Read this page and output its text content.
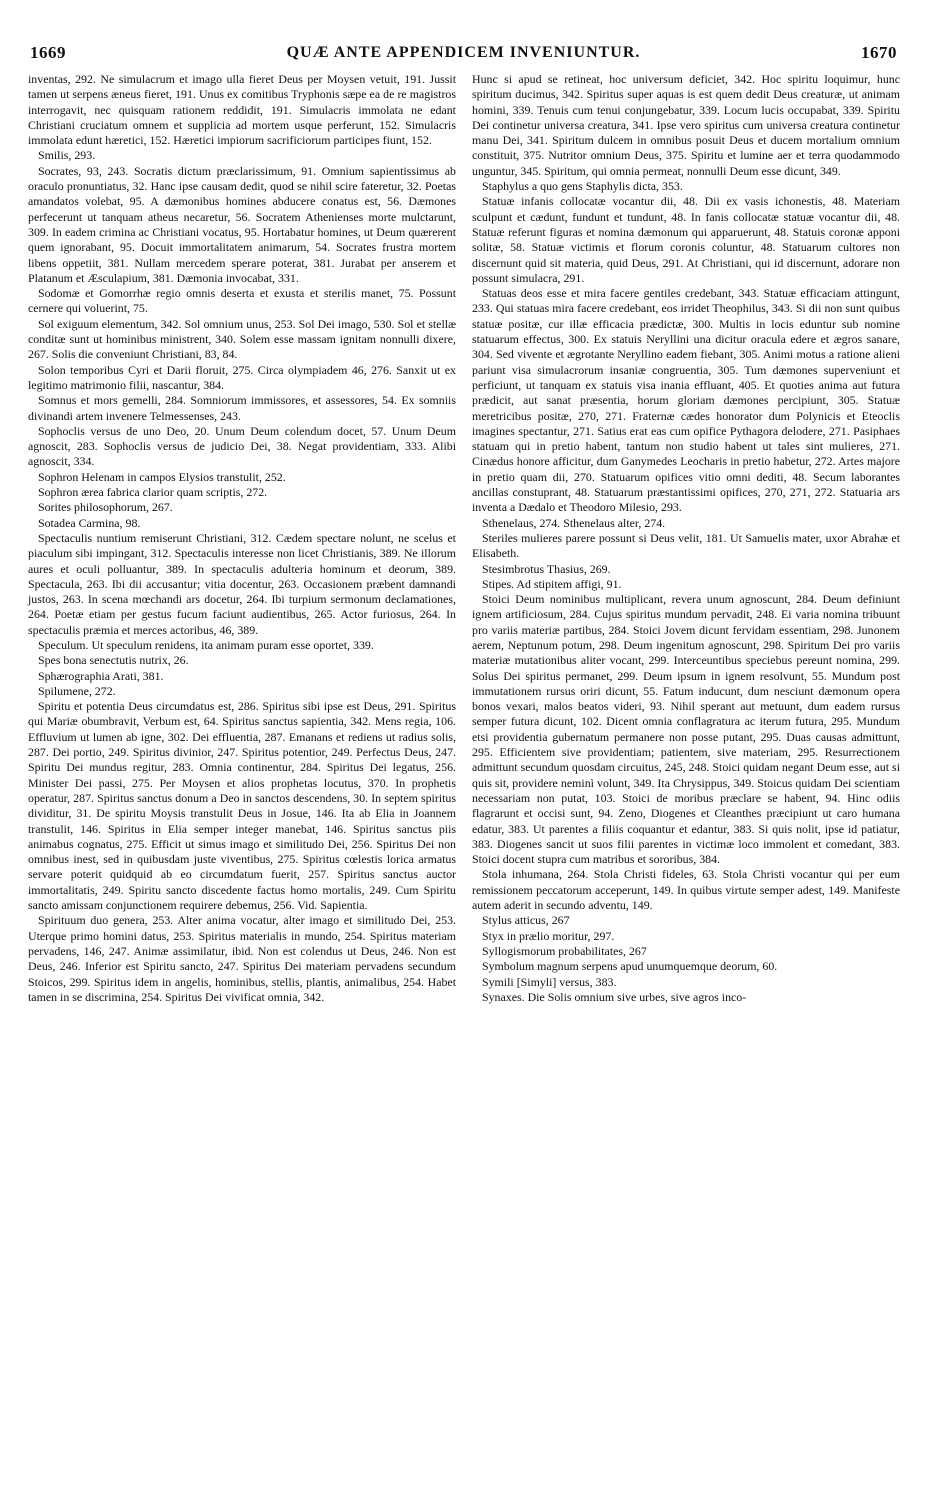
1669	QUÆ ANTE APPENDICEM INVENIUNTUR.	1670

inventas, 292. Ne simulacrum et imago ulla fieret Deus per Moysen vetuit, 191. Jussit tamen ut serpens æneus fieret, 191. Unus ex comitibus Tryphonis sæpe ea de re magistros interrogavit, nec quisquam rationem reddidit, 191. Simulacris immolata ne edant Christiani cruciatum omnem et supplicia ad mortem usque perferunt, 152. Simulacris immolata edunt hæretici, 152. Hæretici impiorum sacrificiorum participes fiunt, 152.

Smilis, 293.

Socrates, 93, 243. Socratis dictum præclarissimum, 91. Omnium sapientissimus ab oraculo pronuntiatus, 32. Hanc ipse causam dedit, quod se nihil scire fateretur, 32. Poetas amandatos volebat, 95. A dæmonibus homines abducere conatus est, 56. Dæmones perfecerunt ut tanquam atheus necaretur, 56. Socratem Athenienses morte mulctarunt, 309. In eadem crimina ac Christiani vocatus, 95. Hortabatur homines, ut Deum quærerent quem ignorabant, 95. Docuit immortalitatem animarum, 54. Socrates frustra mortem libens oppetiit, 381. Nullam mercedem sperare poterat, 381. Jurabat per anserem et Platanum et Æsculapium, 381. Dæmonia invocabat, 331.

Sodomæ et Gomorrhæ regio omnis deserta et exusta et sterilis manet, 75. Possunt cernere qui voluerint, 75.

Sol exiguum elementum, 342. Sol omnium unus, 253. Sol Dei imago, 530. Sol et stellæ conditæ sunt ut hominibus ministrent, 340. Solem esse massam ignitam nonnulli dixere, 267. Solis die conveniunt Christiani, 83, 84.

Solon temporibus Cyri et Darii floruit, 275. Circa olympiadem 46, 276. Sanxit ut ex legitimo matrimonio filii, nascantur, 384.

Somnus et mors gemelli, 284. Somniorum immissores, et assessores, 54. Ex somniis divinandi artem invenere Telmessenses, 243.

Sophoclis versus de uno Deo, 20. Unum Deum colendum docet, 57. Unum Deum agnoscit, 283. Sophoclis versus de judicio Dei, 38. Negat providentiam, 333. Alibi agnoscit, 334.

Sophron Helenam in campos Elysios transtulit, 252.

Sophron ærea fabrica clarior quam scriptis, 272.

Sorites philosophorum, 267.

Sotadea Carmina, 98.

Spectaculis nuntium remiserunt Christiani, 312. Cædem spectare nolunt, ne scelus et piaculum sibi impingant, 312. Spectaculis interesse non licet Christianis, 389. Ne illorum aures et oculi polluantur, 389. In spectaculis adulteria hominum et deorum, 389. Spectacula, 263. Ibi dii accusantur; vitia docentur, 263. Occasionem præbent damnandi justos, 263. In scena mœchandi ars docetur, 264. Ibi turpium sermonum declamationes, 264. Poetæ etiam per gestus fucum faciunt audientibus, 265. Actor furiosus, 264. In spectaculis præmia et merces actoribus, 46, 389.

Speculum. Ut speculum renidens, ita animam puram esse oportet, 339.

Spes bona senectutis nutrix, 26.

Sphærographia Arati, 381.

Spilumene, 272.

Spiritu et potentia Deus circumdatus est, 286. Spiritus sibi ipse est Deus, 291. Spiritus qui Mariæ obumbravit, Verbum est, 64. Spiritus sanctus sapientia, 342. Mens regia, 106. Effluvium ut lumen ab igne, 302. Dei effluentia, 287. Emanans et rediens ut radius solis, 287. Dei portio, 249. Spiritus divinior, 247. Spiritus potentior, 249. Perfectus Deus, 247. Spiritu Dei mundus regitur, 283. Omnia continentur, 284. Spiritus Dei legatus, 256. Minister Dei passi, 275. Per Moysen et alios prophetas locutus, 370. In prophetis operatur, 287. Spiritus sanctus donum a Deo in sanctos descendens, 30. In septem spiritus dividitur, 31. De spiritu Moysis transtulit Deus in Josue, 146. Ita ab Elia in Joannem transtulit, 146. Spiritus in Elia semper integer manebat, 146. Spiritus sanctus piis animabus cognatus, 275. Efficit ut simus imago et similitudo Dei, 256. Spiritus Dei non omnibus inest, sed in quibusdam juste viventibus, 275. Spiritus cœlestis lorica armatus servare poterit quidquid ab eo circumdatum fuerit, 257. Spiritus sanctus auctor immortalitatis, 249. Spiritu sancto discedente factus homo mortalis, 249. Cum Spiritu sancto amissam conjunctionem requirere debemus, 256. Vid. Sapientia.

Spirituum duo genera, 253. Alter anima vocatur, alter imago et similitudo Dei, 253. Uterque primo homini datus, 253. Spiritus materialis in mundo, 254. Spiritus materiam pervadens, 146, 247. Animæ assimilatur, ibid. Non est colendus ut Deus, 246. Non est Deus, 246. Inferior est Spiritu sancto, 247. Spiritus Dei materiam pervadens secundum Stoicos, 299. Spiritus idem in angelis, hominibus, stellis, plantis, animalibus, 254. Habet tamen in se discrimina, 254. Spiritus Dei vivificat omnia, 342.

Hunc si apud se retineat, hoc universum deficiet, 342. Hoc spiritu loquimur, hunc spiritum ducimus, 342. Spiritus super aquas is est quem dedit Deus creaturæ, ut animam homini, 339. Tenuis cum tenui conjungebatur, 339. Locum lucis occupabat, 339. Spiritu Dei continetur universa creatura, 341. Ipse vero spiritus cum universa creatura continetur manu Dei, 341. Spiritum dulcem in omnibus posuit Deus et ducem mortalium omnium constituit, 375. Nutritor omnium Deus, 375. Spiritu et lumine aer et terra quodammodo unguntur, 345. Spiritum, qui omnia permeat, nonnulli Deum esse dicunt, 349.

Staphylus a quo gens Staphylis dicta, 353.

Statuæ infanis collocatæ vocantur dii, 48. Dii ex vasis ichonestis, 48. Materiam sculpunt et cædunt, fundunt et tundunt, 48. In fanis collocatæ statuæ vocantur dii, 48. Statuæ referunt figuras et nomina dæmonum qui apparuerunt, 48. Statuis coronæ apponi solitæ, 58. Statuæ victimis et florum coronis coluntur, 48. Statuarum cultores non discernunt quid sit materia, quid Deus, 291. At Christiani, qui id discernunt, adorare non possunt simulacra, 291.

Statuas deos esse et mira facere gentiles credebant, 343. Statuæ efficaciam attingunt, 233. Qui statuas mira facere credebant, eos irridet Theophilus, 343. Si dii non sunt quibus statuæ positæ, cur illæ efficacia prædictæ, 300. Multis in locis eduntur sub nomine statuarum effectus, 300. Ex statuis Neryllini una dicitur oracula edere et ægros sanare, 304. Sed vivente et ægrotante Neryllino eadem fiebant, 305. Animi motus a ratione alieni pariunt visa simulacrorum insaniæ congruentia, 305. Tum dæmones superveniunt et perficiunt, ut tanquam ex statuis visa inania effluant, 405. Et quoties anima aut futura prædicit, aut sanat præsentia, horum gloriam dæmones percipiunt, 305. Statuæ meretricibus positæ, 270, 271. Fraternæ cædes honorator dum Polynicis et Eteoclis imagines spectantur, 271. Satius erat eas cum opifice Pythagora delodere, 271. Pasiphaes statuam qui in pretio habent, tantum non studio habent ut tales sint mulieres, 271. Cinædus honore afficitur, dum Ganymedes Leocharis in pretio habetur, 272. Artes majore in pretio quam dii, 270. Statuarum opifices vitio omni dediti, 48. Secum laborantes ancillas constuprant, 48. Statuarum præstantissimi opifices, 270, 271, 272. Statuaria ars inventa a Dædalo et Theodoro Milesio, 293.

Sthenelaus, 274. Sthenelaus alter, 274.

Steriles mulieres parere possunt si Deus velit, 181. Ut Samuelis mater, uxor Abrahæ et Elisabeth.

Stesimbrotus Thasius, 269.

Stipes. Ad stipitem affigi, 91.

Stoici Deum nominibus multiplicant, revera unum agnoscunt, 284. Deum definiunt ignem artificiosum, 284. Cujus spiritus mundum pervadit, 248. Ei varia nomina tribuunt pro variis materiæ partibus, 284. Stoici Jovem dicunt fervidam essentiam, 298. Junonem aerem, Neptunum potum, 298. Deum ingenitum agnoscunt, 298. Spiritum Dei pro variis materiæ mutationibus aliter vocant, 299. Interceuntibus speciebus pereunt nomina, 299. Solus Dei spiritus permanet, 299. Deum ipsum in ignem resolvunt, 55. Mundum post immutationem rursus oriri dicunt, 55. Fatum inducunt, dum nesciunt dæmonum opera bonos vexari, malos beatos videri, 93. Nihil sperant aut metuunt, dum eadem rursus semper futura dicunt, 102. Dicent omnia conflagratura ac iterum futura, 295. Mundum etsi providentia gubernatum permanere non posse putant, 295. Duas causas admittunt, 295. Efficientem sive providentiam; patientem, sive materiam, 295. Resurrectionem admittunt secundum quosdam circuitus, 245, 248. Stoici quidam negant Deum esse, aut si quis sit, providere neminì volunt, 349. Ita Chrysippus, 349. Stoicus quidam Dei scientiam necessariam non putat, 103. Stoici de moribus præclare se habent, 94. Hinc odiis flagrarunt et occisi sunt, 94. Zeno, Diogenes et Cleanthes præcipiunt ut caro humana edatur, 383. Ut parentes a filiis coquantur et edantur, 383. Si quis nolit, ipse id patiatur, 383. Diogenes sancit ut suos filii parentes in victimæ loco immolent et comedant, 383. Stoici docent stupra cum matribus et sororibus, 384.

Stola inhumana, 264. Stola Christi fideles, 63. Stola Christi vocantur qui per eum remissionem peccatorum acceperunt, 149. In quibus virtute semper adest, 149. Manifeste autem aderit in secundo adventu, 149.

Stylus atticus, 267

Styx in prælio moritur, 297.

Syllogismorum probabilitates, 267

Symbolum magnum serpens apud unumquemque deorum, 60.

Symili [Simyli] versus, 383.

Synaxes. Die Solis omnium sive urbes, sive agros inco-
